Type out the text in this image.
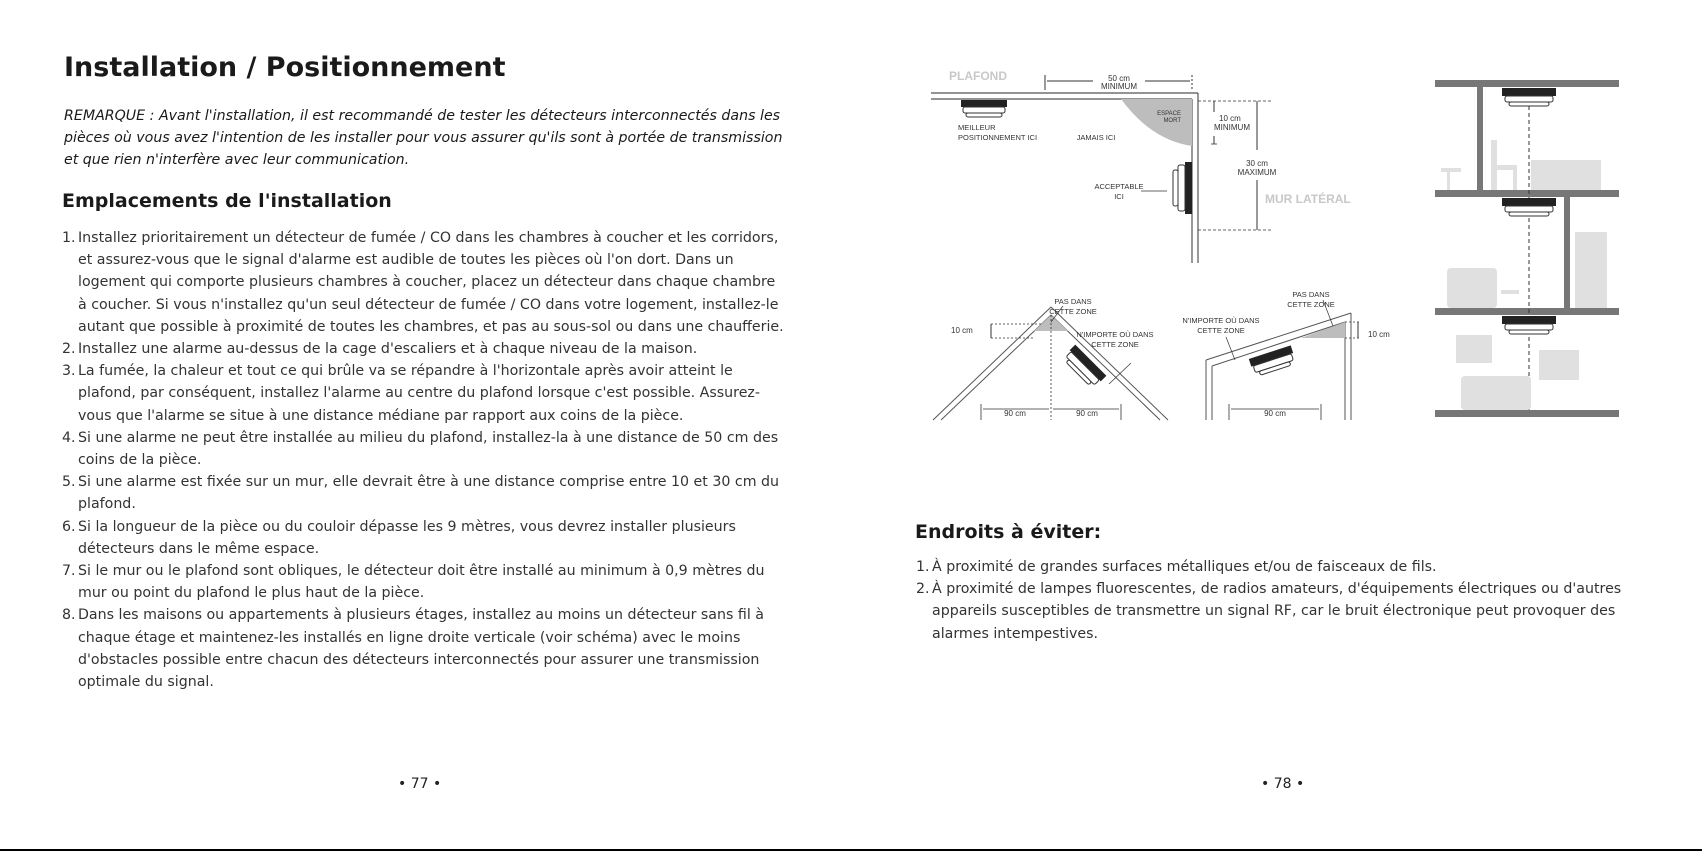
Installation / Positionnement

REMARQUE : Avant l'installation, il est recommandé de tester les détecteurs interconnectés dans les pièces où vous avez l'intention de les installer pour vous assurer qu'ils sont à portée de transmission et que rien n'interfère avec leur communication.

Emplacements de l'installation
1. Installez prioritairement un détecteur de fumée / CO dans les chambres à coucher et les corridors, et assurez-vous que le signal d'alarme est audible de toutes les pièces où l'on dort. Dans un logement qui comporte plusieurs chambres à coucher, placez un détecteur dans chaque chambre à coucher. Si vous n'installez qu'un seul détecteur de fumée / CO dans votre logement, installez-le autant que possible à proximité de toutes les chambres, et pas au sous-sol ou dans une chaufferie.
2. Installez une alarme au-dessus de la cage d'escaliers et à chaque niveau de la maison.
3. La fumée, la chaleur et tout ce qui brûle va se répandre à l'horizontale après avoir atteint le plafond, par conséquent, installez l'alarme au centre du plafond lorsque c'est possible. Assurez-vous que l'alarme se situe à une distance médiane par rapport aux coins de la pièce.
4. Si une alarme ne peut être installée au milieu du plafond, installez-la à une distance de 50 cm des coins de la pièce.
5. Si une alarme est fixée sur un mur, elle devrait être à une distance comprise entre 10 et 30 cm du plafond.
6. Si la longueur de la pièce ou du couloir dépasse les 9 mètres, vous devrez installer plusieurs détecteurs dans le même espace.
7. Si le mur ou le plafond sont obliques, le détecteur doit être installé au minimum à 0,9 mètres du mur ou point du plafond le plus haut de la pièce.
8. Dans les maisons ou appartements à plusieurs étages, installez au moins un détecteur sans fil à chaque étage et maintenez-les installés en ligne droite verticale (voir schéma) avec le moins d'obstacles possible entre chacun des détecteurs interconnectés pour assurer une transmission optimale du signal.
• 77 •
PLAFOND	50 cm
MINIMUM
ESPACE
MORT
MEILLEUR
POSITIONNEMENT ICI	JAMAIS ICI
ACCEPTABLE
ICI
10 cm
MINIMUM
30 cm
MAXIMUM
MUR LATÉRAL
10 cm
90 cm	90 cm
PAS DANS
CETTE ZONE
N'IMPORTE OÙ DANS
CETTE ZONE
10 cm
PAS DANS
CETTE ZONE
N'IMPORTE OÙ DANS
CETTE ZONE
90 cm
Endroits à éviter:
1. À proximité de grandes surfaces métalliques et/ou de faisceaux de fils.
2. À proximité de lampes fluorescentes, de radios amateurs, d'équipements électriques ou d'autres appareils susceptibles de transmettre un signal RF, car le bruit électronique peut provoquer des alarmes intempestives.
• 78 •
